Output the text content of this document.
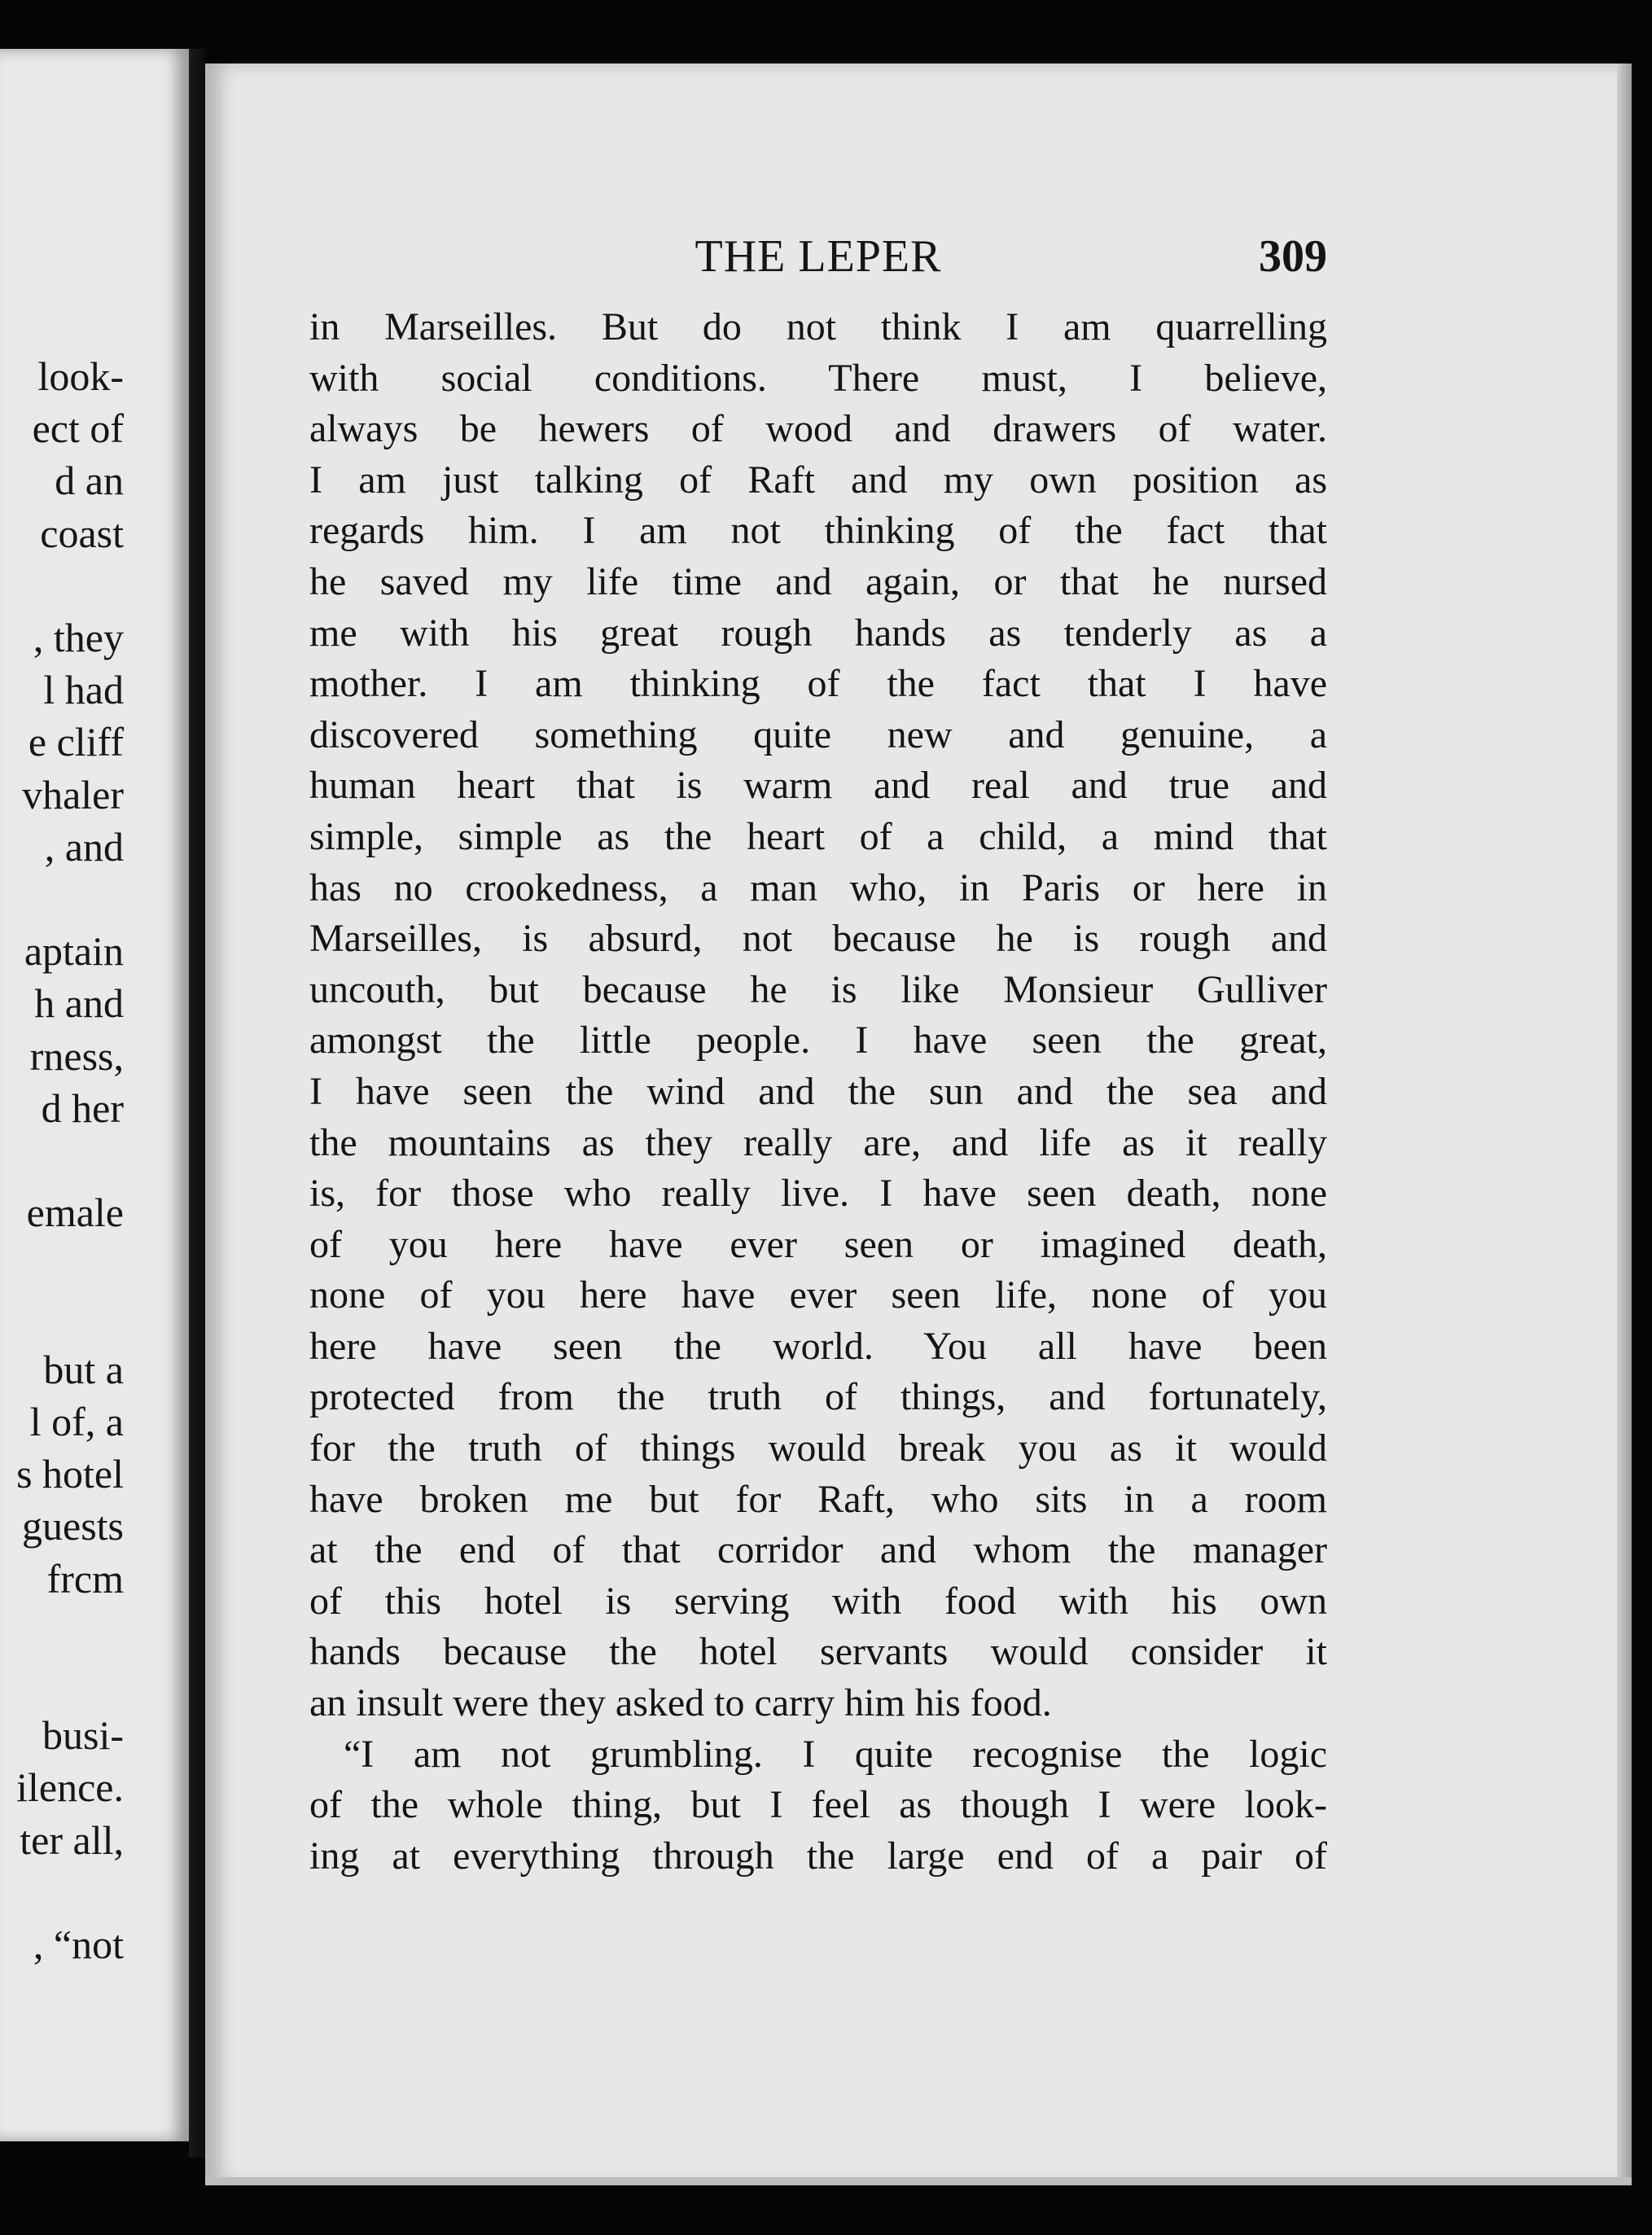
look-
ect of
d an
coast

, they
l had
e cliff
vhaler
, and

aptain
h and
rness,
d her

emale

but a
l of, a
s hotel
guests
frcm

busi-
ilence.
ter all,

, “not
THE LEPER	309

in Marseilles. But do not think I am quarrelling
with social conditions. There must, I believe,
always be hewers of wood and drawers of water.
I am just talking of Raft and my own position as
regards him. I am not thinking of the fact that
he saved my life time and again, or that he nursed
me with his great rough hands as tenderly as a
mother. I am thinking of the fact that I have
discovered something quite new and genuine, a
human heart that is warm and real and true and
simple, simple as the heart of a child, a mind that
has no crookedness, a man who, in Paris or here in
Marseilles, is absurd, not because he is rough and
uncouth, but because he is like Monsieur Gulliver
amongst the little people. I have seen the great,
I have seen the wind and the sun and the sea and
the mountains as they really are, and life as it really
is, for those who really live. I have seen death, none
of you here have ever seen or imagined death,
none of you here have ever seen life, none of you
here have seen the world. You all have been
protected from the truth of things, and fortunately,
for the truth of things would break you as it would
have broken me but for Raft, who sits in a room
at the end of that corridor and whom the manager
of this hotel is serving with food with his own
hands because the hotel servants would consider it
an insult were they asked to carry him his food.

“I am not grumbling. I quite recognise the logic
of the whole thing, but I feel as though I were look-
ing at everything through the large end of a pair of
